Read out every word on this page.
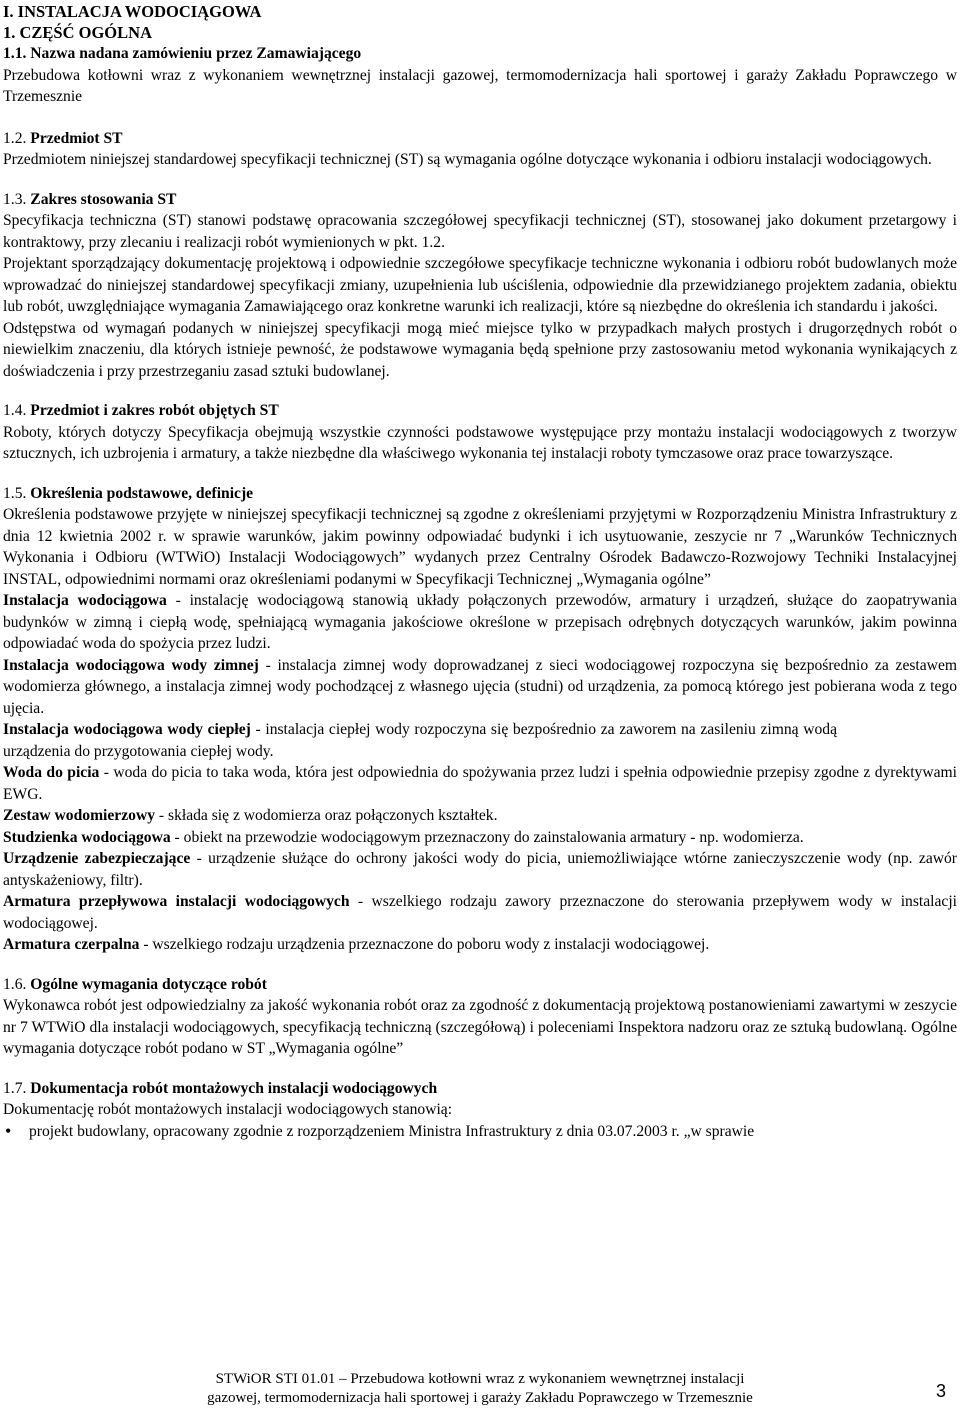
I. INSTALACJA WODOCIĄGOWA
1. CZĘŚĆ OGÓLNA
1.1. Nazwa nadana zamówieniu przez Zamawiającego

Przebudowa kotłowni wraz z wykonaniem wewnętrznej instalacji gazowej, termomodernizacja hali sportowej i garaży Zakładu Poprawczego w Trzemesznie

1.2. Przedmiot ST

Przedmiotem niniejszej standardowej specyfikacji technicznej (ST) są wymagania ogólne dotyczące wykonania i odbioru instalacji wodociągowych.

1.3. Zakres stosowania ST

Specyfikacja techniczna (ST) stanowi podstawę opracowania szczegółowej specyfikacji technicznej (ST), stosowanej jako dokument przetargowy i kontraktowy, przy zlecaniu i realizacji robót wymienionych w pkt. 1.2.

Projektant sporządzający dokumentację projektową i odpowiednie szczegółowe specyfikacje techniczne wykonania i odbioru robót budowlanych może wprowadzać do niniejszej standardowej specyfikacji zmiany, uzupełnienia lub uściślenia, odpowiednie dla przewidzianego projektem zadania, obiektu lub robót, uwzględniające wymagania Zamawiającego oraz konkretne warunki ich realizacji, które są niezbędne do określenia ich standardu i jakości.

Odstępstwa od wymagań podanych w niniejszej specyfikacji mogą mieć miejsce tylko w przypadkach małych prostych i drugorzędnych robót o niewielkim znaczeniu, dla których istnieje pewność, że podstawowe wymagania będą spełnione przy zastosowaniu metod wykonania wynikających z doświadczenia i przy przestrzeganiu zasad sztuki budowlanej.

1.4. Przedmiot i zakres robót objętych ST

Roboty, których dotyczy Specyfikacja obejmują wszystkie czynności podstawowe występujące przy montażu instalacji wodociągowych z tworzyw sztucznych, ich uzbrojenia i armatury, a także niezbędne dla właściwego wykonania tej instalacji roboty tymczasowe oraz prace towarzyszące.

1.5. Określenia podstawowe, definicje

Określenia podstawowe przyjęte w niniejszej specyfikacji technicznej są zgodne z określeniami przyjętymi w Rozporządzeniu Ministra Infrastruktury z dnia 12 kwietnia 2002 r. w sprawie warunków, jakim powinny odpowiadać budynki i ich usytuowanie, zeszycie nr 7 „Warunków Technicznych Wykonania i Odbioru (WTWiO) Instalacji Wodociągowych” wydanych przez Centralny Ośrodek Badawczo-Rozwojowy Techniki Instalacyjnej INSTAL, odpowiednimi normami oraz określeniami podanymi w Specyfikacji Technicznej „Wymagania ogólne”

Instalacja wodociągowa - instalację wodociągową stanowią układy połączonych przewodów, armatury i urządzeń, służące do zaopatrywania budynków w zimną i ciepłą wodę, spełniającą wymagania jakościowe określone w przepisach odrębnych dotyczących warunków, jakim powinna odpowiadać woda do spożycia przez ludzi.

Instalacja wodociągowa wody zimnej - instalacja zimnej wody doprowadzanej z sieci wodociągowej rozpoczyna się bezpośrednio za zestawem wodomierza głównego, a instalacja zimnej wody pochodzącej z własnego ujęcia (studni) od urządzenia, za pomocą którego jest pobierana woda z tego ujęcia.

Instalacja wodociągowa wody ciepłej - instalacja ciepłej wody rozpoczyna się bezpośrednio za zaworem na zasileniu zimną wodą urządzenia do przygotowania ciepłej wody.

Woda do picia - woda do picia to taka woda, która jest odpowiednia do spożywania przez ludzi i spełnia odpowiednie przepisy zgodne z dyrektywami EWG.

Zestaw wodomierzowy - składa się z wodomierza oraz połączonych kształtek.

Studzienka wodociągowa - obiekt na przewodzie wodociągowym przeznaczony do zainstalowania armatury - np. wodomierza.

Urządzenie zabezpieczające - urządzenie służące do ochrony jakości wody do picia, uniemożliwiające wtórne zanieczyszczenie wody (np. zawór antyskażeniowy, filtr).

Armatura przepływowa instalacji wodociągowych - wszelkiego rodzaju zawory przeznaczone do sterowania przepływem wody w instalacji wodociągowej.

Armatura czerpalna - wszelkiego rodzaju urządzenia przeznaczone do poboru wody z instalacji wodociągowej.

1.6. Ogólne wymagania dotyczące robót

Wykonawca robót jest odpowiedzialny za jakość wykonania robót oraz za zgodność z dokumentacją projektową postanowieniami zawartymi w zeszycie nr 7 WTWiO dla instalacji wodociągowych, specyfikacją techniczną (szczegółową) i poleceniami Inspektora nadzoru oraz ze sztuką budowlaną. Ogólne wymagania dotyczące robót podano w ST „Wymagania ogólne”

1.7. Dokumentacja robót montażowych instalacji wodociągowych

Dokumentację robót montażowych instalacji wodociągowych stanowią:

• projekt budowlany, opracowany zgodnie z rozporządzeniem Ministra Infrastruktury z dnia 03.07.2003 r. „w sprawie
STWiOR STI 01.01 – Przebudowa kotłowni wraz z wykonaniem wewnętrznej instalacji
gazowej, termomodernizacja hali sportowej i garaży Zakładu Poprawczego w Trzemesznie	3
